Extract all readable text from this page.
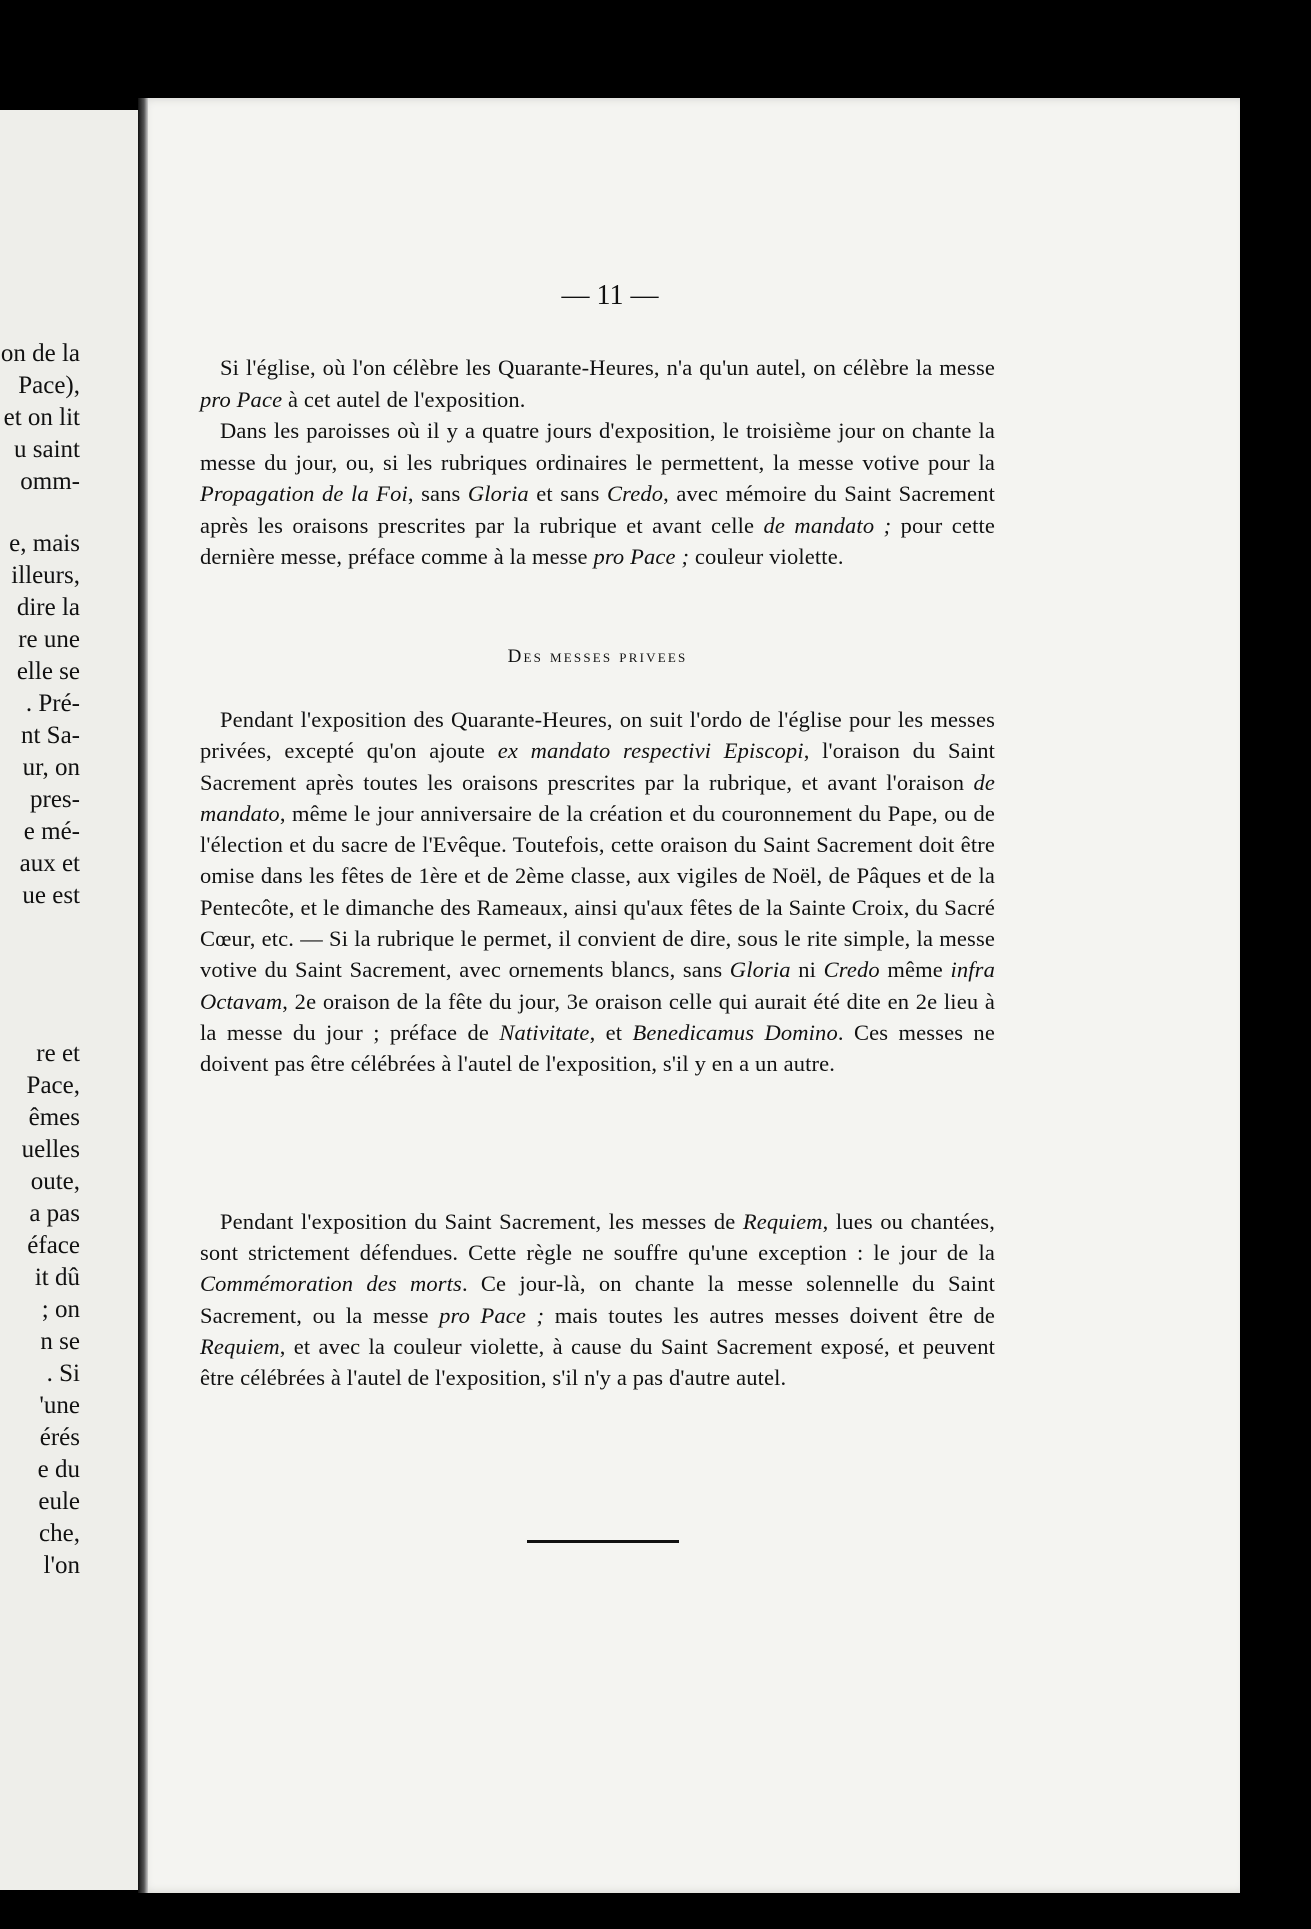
on de la
Pace),
et on lit
u saint
omm-
e, mais
illeurs,
dire la
re une
elle se
. Pré-
nt Sa-
ur, on
pres-
e mé-
aux et
ue est
re et
Pace,
êmes
uelles
oute,
a pas
éface
it dû
; on
n se
. Si
'une
érés
e du
eule
che,
l'on
— 11 —
Si l'église, où l'on célèbre les Quarante-Heures, n'a qu'un autel, on célèbre la messe pro Pace à cet autel de l'exposition.
Dans les paroisses où il y a quatre jours d'exposition, le troisième jour on chante la messe du jour, ou, si les rubriques ordinaires le permettent, la messe votive pour la Propagation de la Foi, sans Gloria et sans Credo, avec mémoire du Saint Sacrement après les oraisons prescrites par la rubrique et avant celle de mandato ; pour cette dernière messe, préface comme à la messe pro Pace ; couleur violette.
Des messes privees
Pendant l'exposition des Quarante-Heures, on suit l'ordo de l'église pour les messes privées, excepté qu'on ajoute ex mandato respectivi Episcopi, l'oraison du Saint Sacrement après toutes les oraisons prescrites par la rubrique, et avant l'oraison de mandato, même le jour anniversaire de la création et du couronnement du Pape, ou de l'élection et du sacre de l'Evêque. Toutefois, cette oraison du Saint Sacrement doit être omise dans les fêtes de 1ère et de 2ème classe, aux vigiles de Noël, de Pâques et de la Pentecôte, et le dimanche des Rameaux, ainsi qu'aux fêtes de la Sainte Croix, du Sacré Cœur, etc. — Si la rubrique le permet, il convient de dire, sous le rite simple, la messe votive du Saint Sacrement, avec ornements blancs, sans Gloria ni Credo même infra Octavam, 2e oraison de la fête du jour, 3e oraison celle qui aurait été dite en 2e lieu à la messe du jour ; préface de Nativitate, et Benedicamus Domino. Ces messes ne doivent pas être célébrées à l'autel de l'exposition, s'il y en a un autre.
Pendant l'exposition du Saint Sacrement, les messes de Requiem, lues ou chantées, sont strictement défendues. Cette règle ne souffre qu'une exception : le jour de la Commémoration des morts. Ce jour-là, on chante la messe solennelle du Saint Sacrement, ou la messe pro Pace ; mais toutes les autres messes doivent être de Requiem, et avec la couleur violette, à cause du Saint Sacrement exposé, et peuvent être célébrées à l'autel de l'exposition, s'il n'y a pas d'autre autel.
